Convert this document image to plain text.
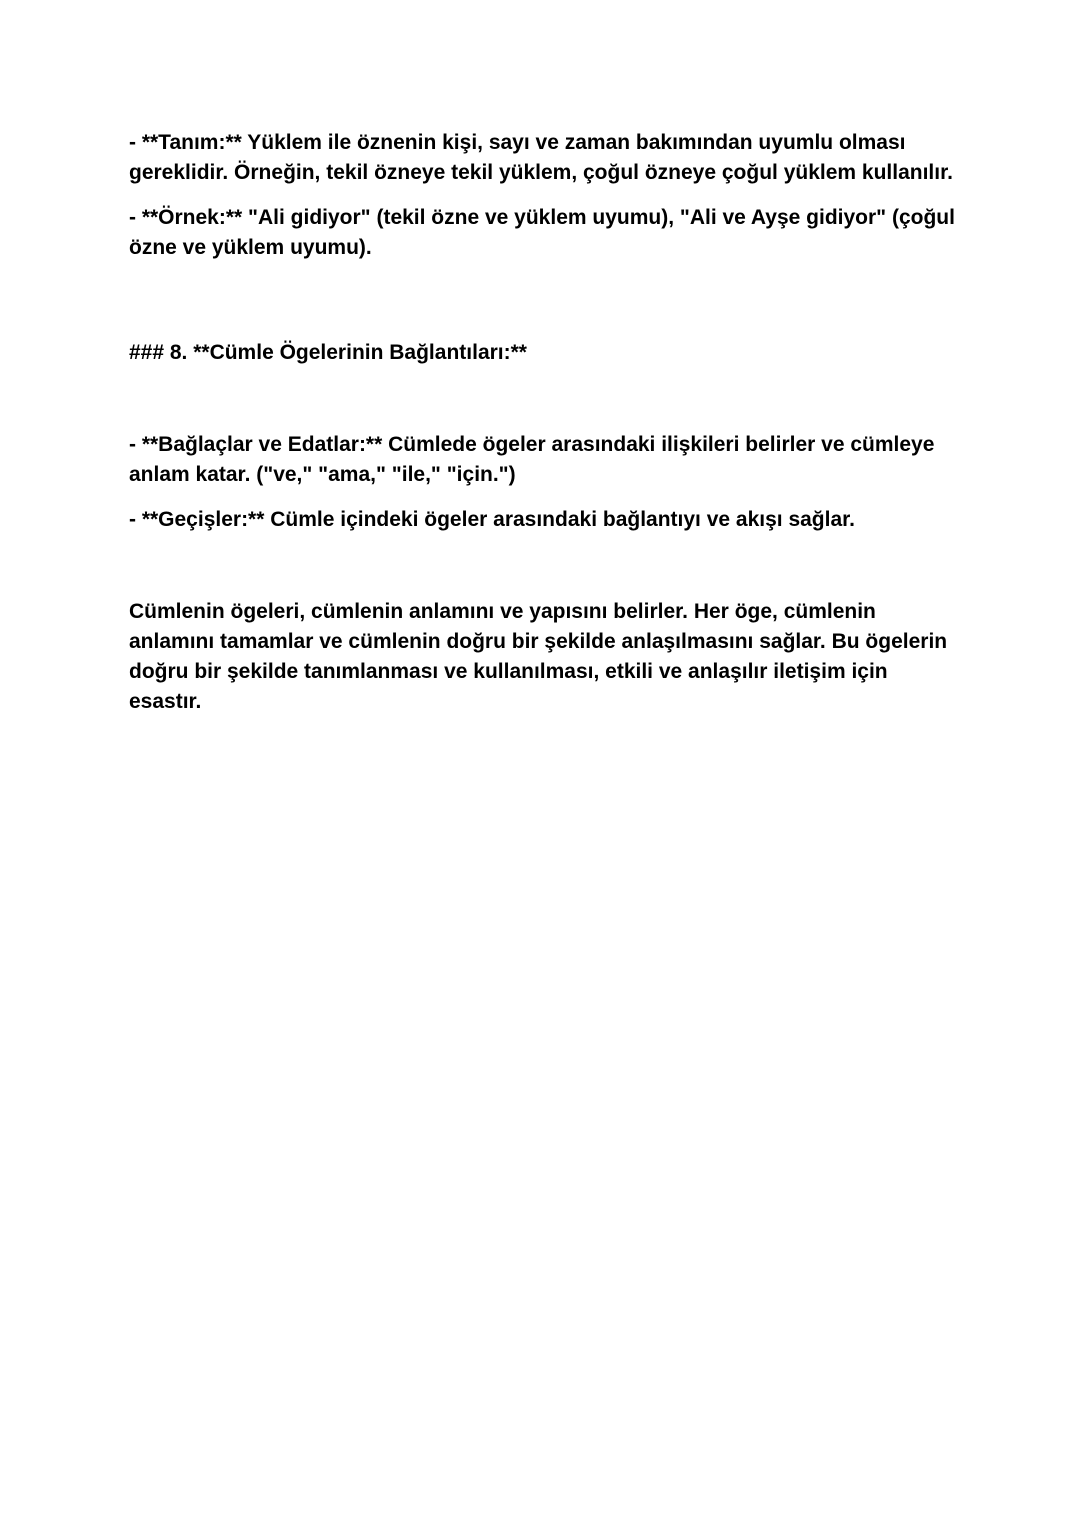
- **Tanım:** Yüklem ile öznenin kişi, sayı ve zaman bakımından uyumlu olması gereklidir. Örneğin, tekil özneye tekil yüklem, çoğul özneye çoğul yüklem kullanılır.

- **Örnek:** "Ali gidiyor" (tekil özne ve yüklem uyumu), "Ali ve Ayşe gidiyor" (çoğul özne ve yüklem uyumu).

### 8. **Cümle Ögelerinin Bağlantıları:**

- **Bağlaçlar ve Edatlar:** Cümlede ögeler arasındaki ilişkileri belirler ve cümleye anlam katar. ("ve," "ama," "ile," "için.")

- **Geçişler:** Cümle içindeki ögeler arasındaki bağlantıyı ve akışı sağlar.

Cümlenin ögeleri, cümlenin anlamını ve yapısını belirler. Her öge, cümlenin anlamını tamamlar ve cümlenin doğru bir şekilde anlaşılmasını sağlar. Bu ögelerin doğru bir şekilde tanımlanması ve kullanılması, etkili ve anlaşılır iletişim için esastır.
